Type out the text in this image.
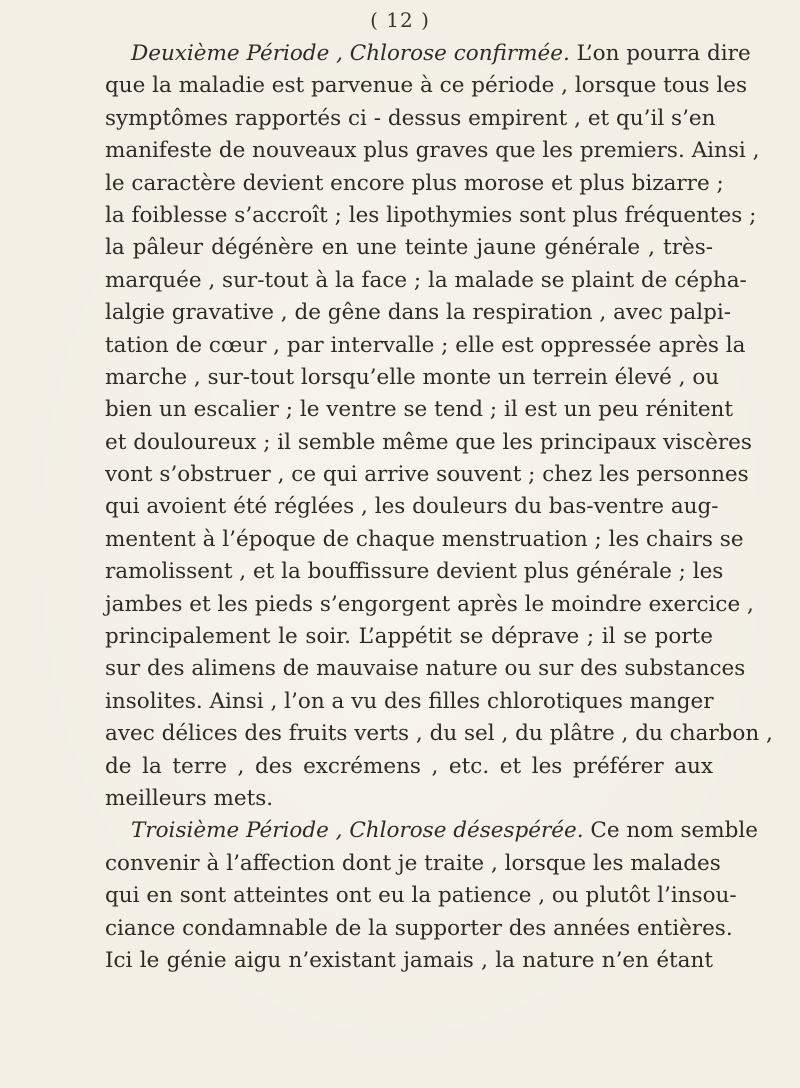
( 12 )
Deuxième Période , Chlorose confirmée. L’on pourra dire
que la maladie est parvenue à ce période , lorsque tous les
symptômes rapportés ci - dessus empirent , et qu’il s’en
manifeste de nouveaux plus graves que les premiers. Ainsi ,
le caractère devient encore plus morose et plus bizarre ;
la foiblesse s’accroît ; les lipothymies sont plus fréquentes ;
la pâleur dégénère en une teinte jaune générale , très-
marquée , sur-tout à la face ; la malade se plaint de cépha-
lalgie gravative , de gêne dans la respiration , avec palpi-
tation de cœur , par intervalle ; elle est oppressée après la
marche , sur-tout lorsqu’elle monte un terrein élevé , ou
bien un escalier ; le ventre se tend ; il est un peu rénitent
et douloureux ; il semble même que les principaux viscères
vont s’obstruer , ce qui arrive souvent ; chez les personnes
qui avoient été réglées , les douleurs du bas-ventre aug-
mentent à l’époque de chaque menstruation ; les chairs se
ramolissent , et la bouffissure devient plus générale ; les
jambes et les pieds s’engorgent après le moindre exercice ,
principalement le soir. L’appétit se déprave ; il se porte
sur des alimens de mauvaise nature ou sur des substances
insolites. Ainsi , l’on a vu des filles chlorotiques manger
avec délices des fruits verts , du sel , du plâtre , du charbon ,
de la terre , des excrémens , etc. et les préférer aux
meilleurs mets.
Troisième Période , Chlorose désespérée. Ce nom semble
convenir à l’affection dont je traite , lorsque les malades
qui en sont atteintes ont eu la patience , ou plutôt l’insou-
ciance condamnable de la supporter des années entières.
Ici le génie aigu n’existant jamais , la nature n’en étant
